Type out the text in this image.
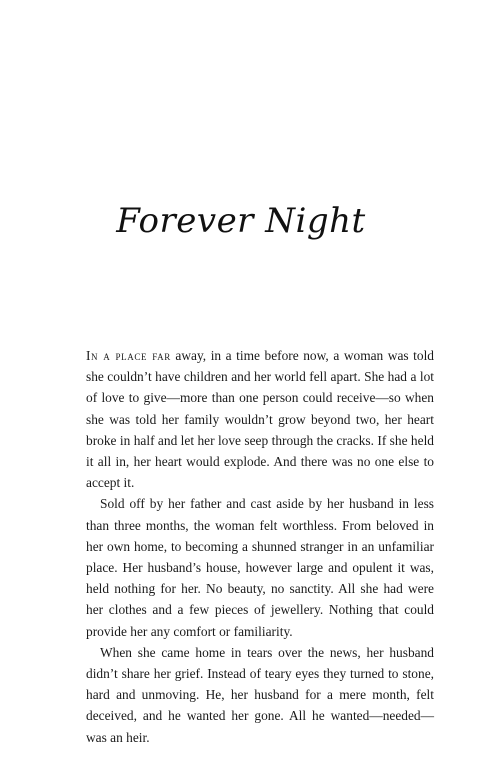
Forever Night

In a place far away, in a time before now, a woman was told she couldn’t have children and her world fell apart. She had a lot of love to give—more than one person could receive—so when she was told her family wouldn’t grow beyond two, her heart broke in half and let her love seep through the cracks. If she held it all in, her heart would explode. And there was no one else to accept it.

Sold off by her father and cast aside by her husband in less than three months, the woman felt worthless. From beloved in her own home, to becoming a shunned stranger in an unfamiliar place. Her husband’s house, however large and opulent it was, held nothing for her. No beauty, no sanctity. All she had were her clothes and a few pieces of jewellery. Nothing that could provide her any comfort or familiarity.

When she came home in tears over the news, her husband didn’t share her grief. Instead of teary eyes they turned to stone, hard and unmoving. He, her husband for a mere month, felt deceived, and he wanted her gone. All he wanted—needed—was an heir.
